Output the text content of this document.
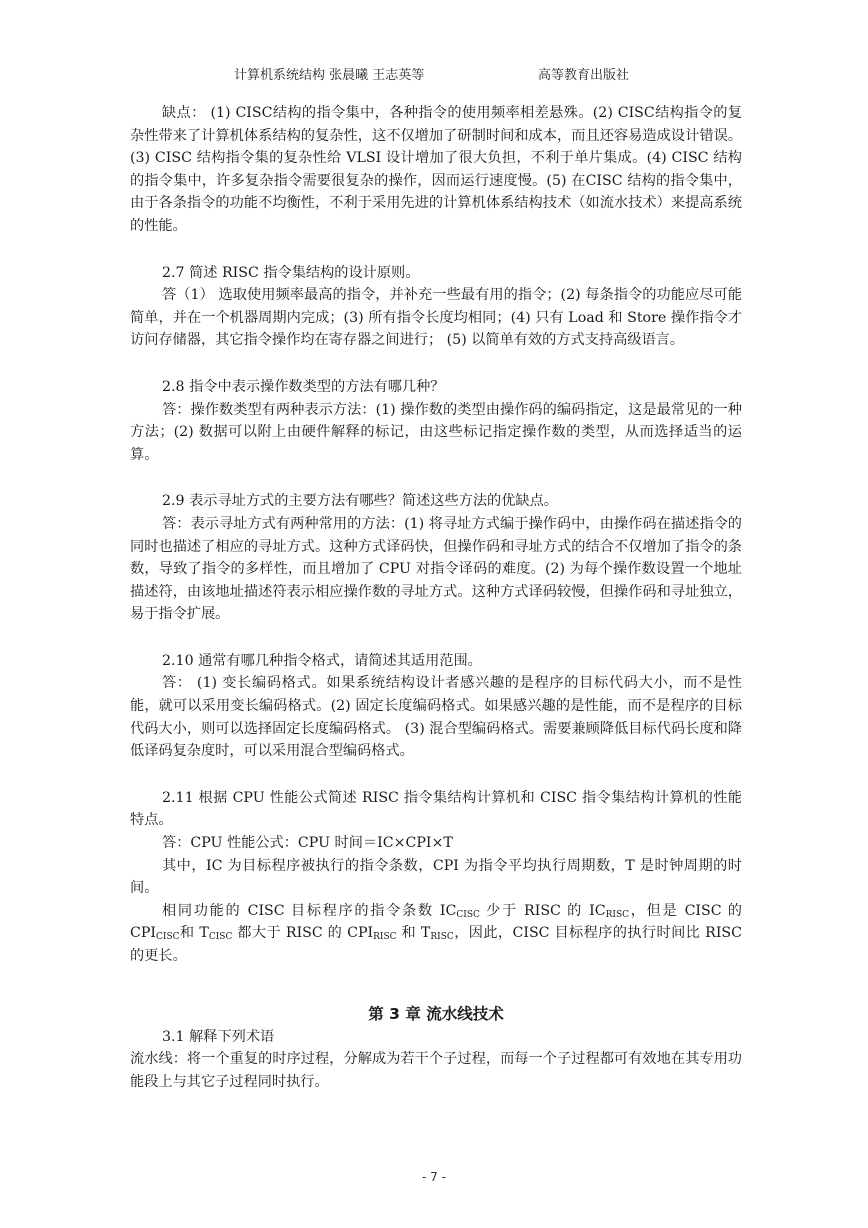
计算机系统结构 张晨曦 王志英等	高等教育出版社

缺点： (1) CISC结构的指令集中，各种指令的使用频率相差悬殊。(2) CISC结构指令的复杂性带来了计算机体系结构的复杂性，这不仅增加了研制时间和成本，而且还容易造成设计错误。(3) CISC 结构指令集的复杂性给 VLSI 设计增加了很大负担，不利于单片集成。(4) CISC 结构的指令集中，许多复杂指令需要很复杂的操作，因而运行速度慢。(5) 在CISC 结构的指令集中，由于各条指令的功能不均衡性，不利于采用先进的计算机体系结构技术（如流水技术）来提高系统的性能。

2.7 简述 RISC 指令集结构的设计原则。

答（1） 选取使用频率最高的指令，并补充一些最有用的指令；(2) 每条指令的功能应尽可能简单，并在一个机器周期内完成；(3) 所有指令长度均相同；(4) 只有 Load 和 Store 操作指令才访问存储器，其它指令操作均在寄存器之间进行； (5) 以简单有效的方式支持高级语言。

2.8 指令中表示操作数类型的方法有哪几种？

答：操作数类型有两种表示方法：(1) 操作数的类型由操作码的编码指定，这是最常见的一种方法；(2) 数据可以附上由硬件解释的标记，由这些标记指定操作数的类型，从而选择适当的运算。

2.9 表示寻址方式的主要方法有哪些？简述这些方法的优缺点。

答：表示寻址方式有两种常用的方法：(1) 将寻址方式编于操作码中，由操作码在描述指令的同时也描述了相应的寻址方式。这种方式译码快，但操作码和寻址方式的结合不仅增加了指令的条数，导致了指令的多样性，而且增加了 CPU 对指令译码的难度。(2) 为每个操作数设置一个地址描述符，由该地址描述符表示相应操作数的寻址方式。这种方式译码较慢，但操作码和寻址独立，易于指令扩展。

2.10 通常有哪几种指令格式，请简述其适用范围。

答： (1) 变长编码格式。如果系统结构设计者感兴趣的是程序的目标代码大小，而不是性能，就可以采用变长编码格式。(2) 固定长度编码格式。如果感兴趣的是性能，而不是程序的目标代码大小，则可以选择固定长度编码格式。 (3) 混合型编码格式。需要兼顾降低目标代码长度和降低译码复杂度时，可以采用混合型编码格式。

2.11 根据 CPU 性能公式简述 RISC 指令集结构计算机和 CISC 指令集结构计算机的性能特点。

答：CPU 性能公式：CPU 时间＝IC×CPI×T

其中，IC 为目标程序被执行的指令条数，CPI 为指令平均执行周期数，T 是时钟周期的时间。

相同功能的 CISC 目标程序的指令条数 $IC_{CISC}$ 少于 RISC 的 $IC_{RISC}$，但是 CISC 的 $CPI_{CISC}$和 $T_{CISC}$ 都大于 RISC 的 $CPI_{RISC}$ 和 $T_{RISC}$，因此，CISC 目标程序的执行时间比 RISC 的更长。

第 3 章 流水线技术

3.1 解释下列术语

流水线：将一个重复的时序过程，分解成为若干个子过程，而每一个子过程都可有效地在其专用功能段上与其它子过程同时执行。

- 7 -
